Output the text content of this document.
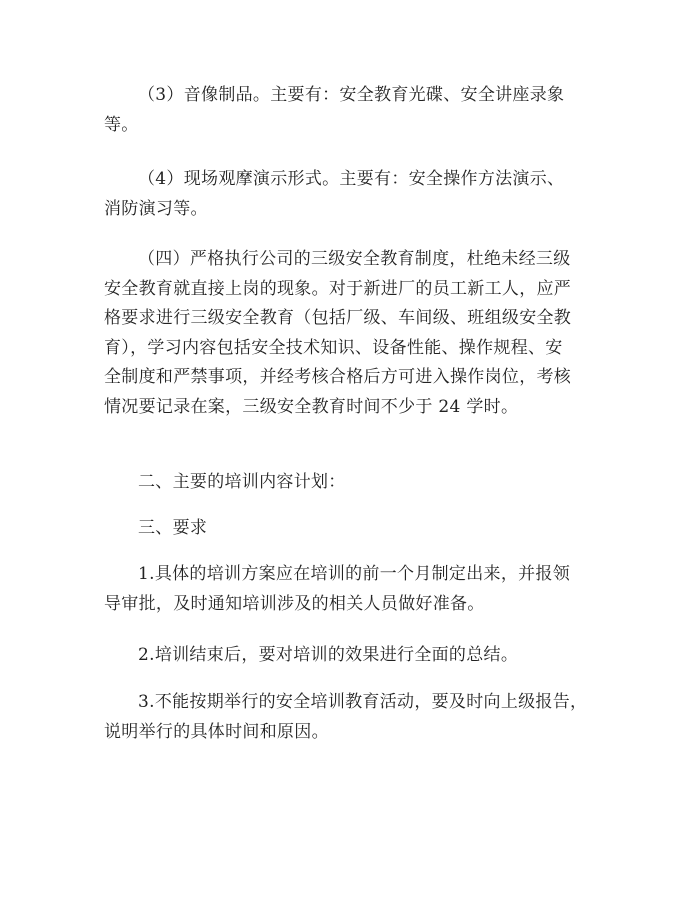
（3）音像制品。主要有：安全教育光碟、安全讲座录象
等。

（4）现场观摩演示形式。主要有：安全操作方法演示、
消防演习等。

（四）严格执行公司的三级安全教育制度，杜绝未经三级
安全教育就直接上岗的现象。对于新进厂的员工新工人，应严
格要求进行三级安全教育（包括厂级、车间级、班组级安全教
育），学习内容包括安全技术知识、设备性能、操作规程、安
全制度和严禁事项，并经考核合格后方可进入操作岗位，考核
情况要记录在案，三级安全教育时间不少于 24 学时。

二、主要的培训内容计划：

三、要求

1.具体的培训方案应在培训的前一个月制定出来，并报领
导审批，及时通知培训涉及的相关人员做好准备。

2.培训结束后，要对培训的效果进行全面的总结。

3.不能按期举行的安全培训教育活动，要及时向上级报告，
说明举行的具体时间和原因。
